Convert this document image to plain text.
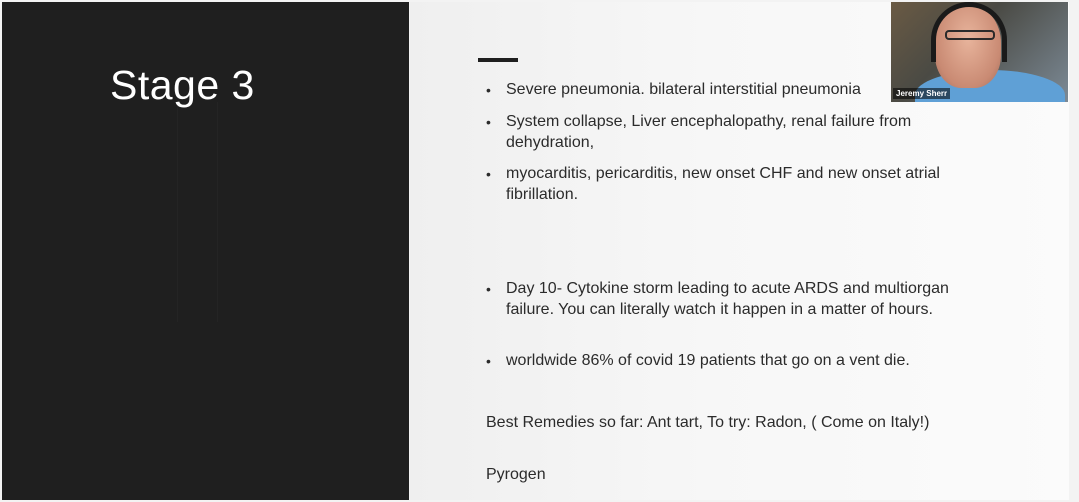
Stage 3	• Severe pneumonia. bilateral interstitial pneumonia
• System collapse, Liver encephalopathy, renal failure from dehydration,
• myocarditis, pericarditis, new onset CHF and new onset atrial fibrillation.
• Day 10- Cytokine storm leading to acute ARDS and multiorgan failure. You can literally watch it happen in a matter of hours.
• worldwide 86% of covid 19 patients that go on a vent die.

Best Remedies so far: Ant tart, To try: Radon, ( Come on Italy!)

Pyrogen

Jeremy Sherr
